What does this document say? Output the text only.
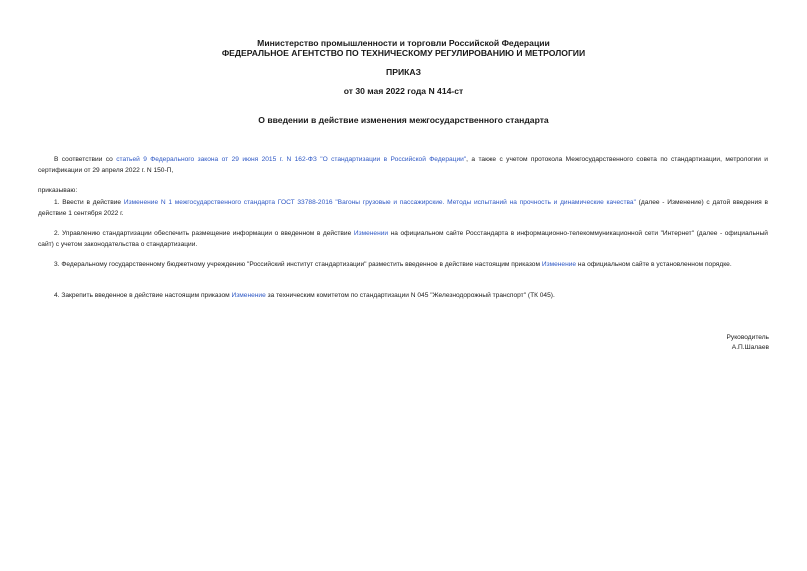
Министерство промышленности и торговли Российской Федерации
ФЕДЕРАЛЬНОЕ АГЕНТСТВО ПО ТЕХНИЧЕСКОМУ РЕГУЛИРОВАНИЮ И МЕТРОЛОГИИ
ПРИКАЗ
от 30 мая 2022 года N 414-ст
О введении в действие изменения межгосударственного стандарта
В соответствии со статьей 9 Федерального закона от 29 июня 2015 г. N 162-ФЗ "О стандартизации в Российской Федерации", а также с учетом протокола Межгосударственного совета по стандартизации, метрологии и сертификации от 29 апреля 2022 г. N 150-П,
приказываю:
1. Ввести в действие Изменение N 1 межгосударственного стандарта ГОСТ 33788-2016 "Вагоны грузовые и пассажирские. Методы испытаний на прочность и динамические качества" (далее - Изменение) с датой введения в действие 1 сентября 2022 г.
2. Управлению стандартизации обеспечить размещение информации о введенном в действие Изменении на официальном сайте Росстандарта в информационно-телекоммуникационной сети "Интернет" (далее - официальный сайт) с учетом законодательства о стандартизации.
3. Федеральному государственному бюджетному учреждению "Российский институт стандартизации" разместить введенное в действие настоящим приказом Изменение на официальном сайте в установленном порядке.
4. Закрепить введенное в действие настоящим приказом Изменение за техническим комитетом по стандартизации N 045 "Железнодорожный транспорт" (ТК 045).
Руководитель
А.П.Шалаев
